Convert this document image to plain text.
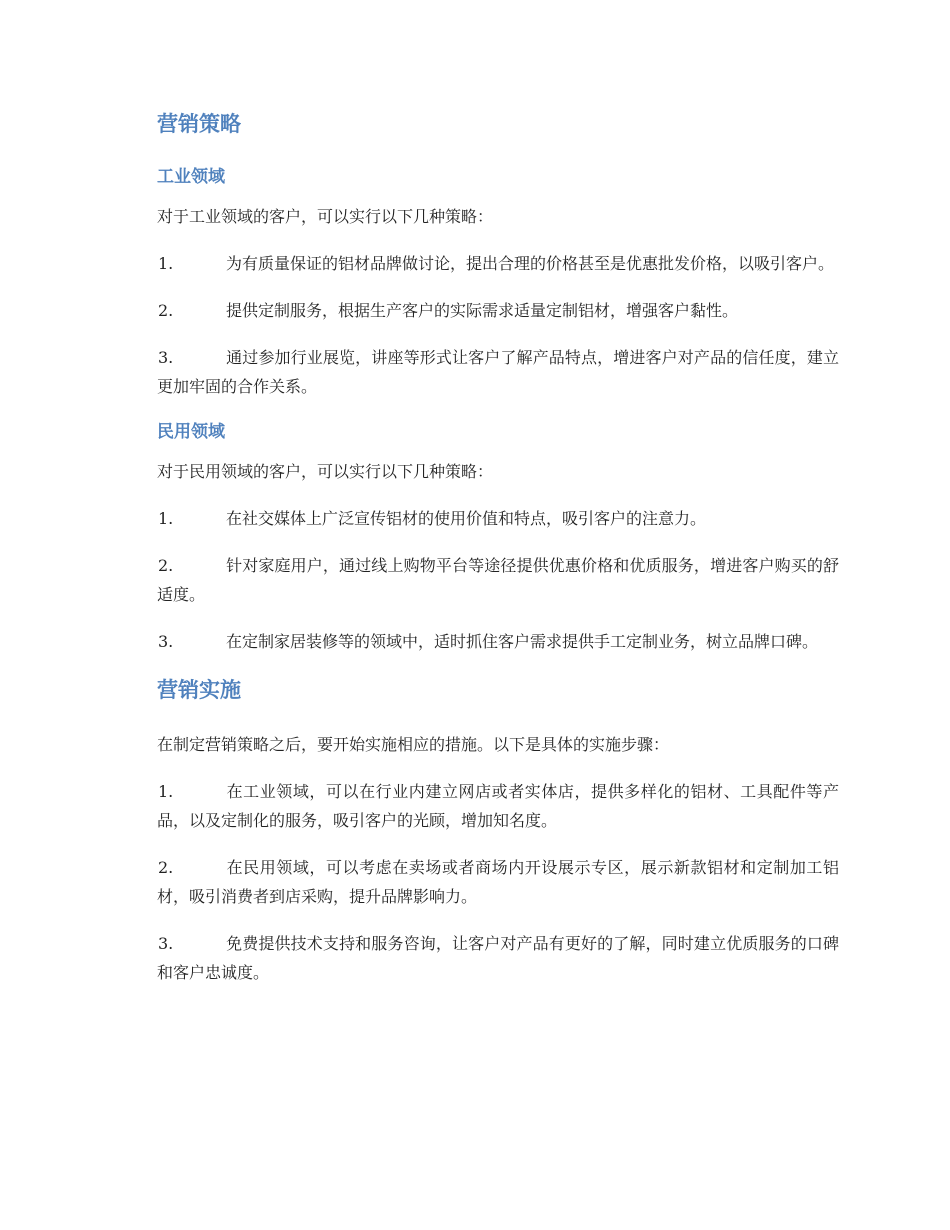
营销策略
工业领域

对于工业领域的客户，可以实行以下几种策略：

1.	为有质量保证的铝材品牌做讨论，提出合理的价格甚至是优惠批发价格，以吸引客户。

2.	提供定制服务，根据生产客户的实际需求适量定制铝材，增强客户黏性。

3.	通过参加行业展览，讲座等形式让客户了解产品特点，增进客户对产品的信任度，建立更加牢固的合作关系。

民用领域

对于民用领域的客户，可以实行以下几种策略：

1.	在社交媒体上广泛宣传铝材的使用价值和特点，吸引客户的注意力。

2.	针对家庭用户，通过线上购物平台等途径提供优惠价格和优质服务，增进客户购买的舒适度。

3.	在定制家居装修等的领域中，适时抓住客户需求提供手工定制业务，树立品牌口碑。

营销实施

在制定营销策略之后，要开始实施相应的措施。以下是具体的实施步骤：

1.	在工业领域，可以在行业内建立网店或者实体店，提供多样化的铝材、工具配件等产品，以及定制化的服务，吸引客户的光顾，增加知名度。

2.	在民用领域，可以考虑在卖场或者商场内开设展示专区，展示新款铝材和定制加工铝材，吸引消费者到店采购，提升品牌影响力。

3.	免费提供技术支持和服务咨询，让客户对产品有更好的了解，同时建立优质服务的口碑和客户忠诚度。
